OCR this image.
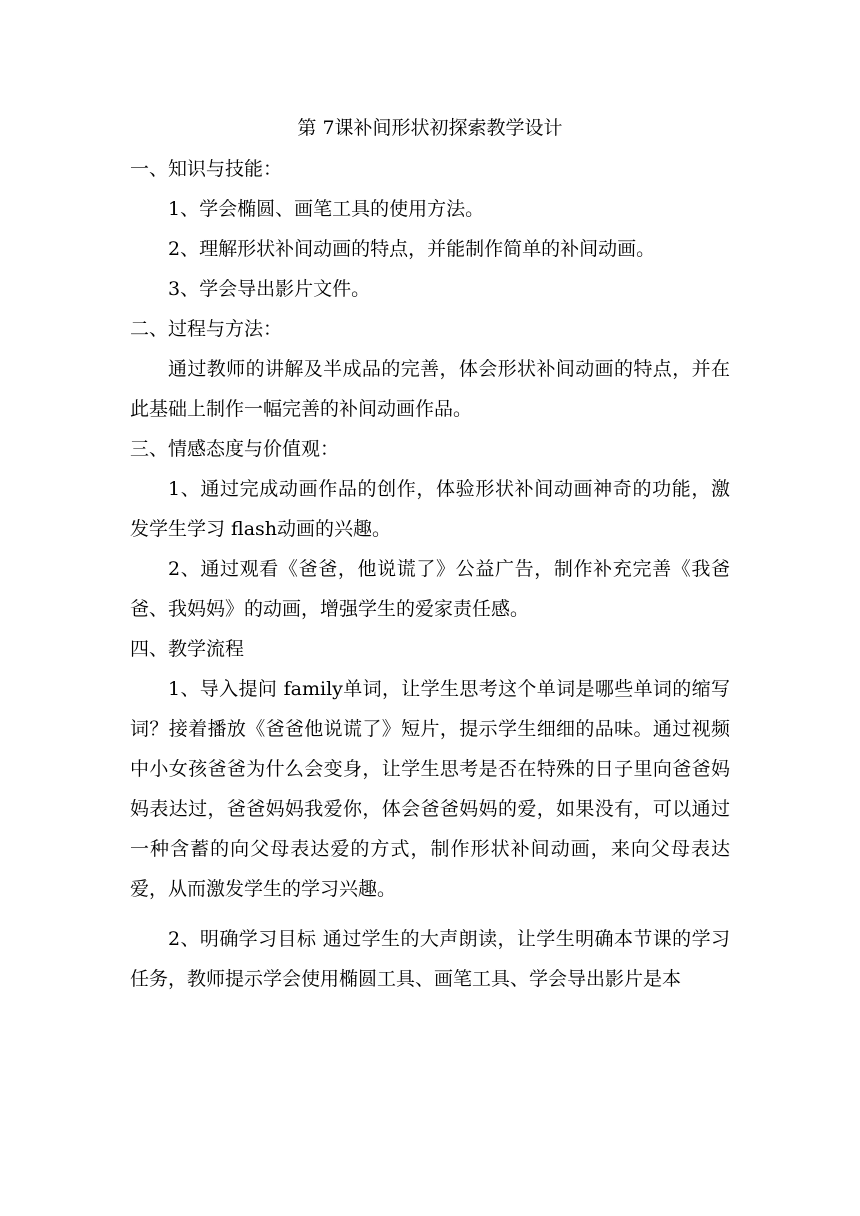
第 7课补间形状初探索教学设计
一、知识与技能：
1、学会椭圆、画笔工具的使用方法。
2、理解形状补间动画的特点，并能制作简单的补间动画。
3、学会导出影片文件。
二、过程与方法：
通过教师的讲解及半成品的完善，体会形状补间动画的特点，并在此基础上制作一幅完善的补间动画作品。
三、情感态度与价值观：
1、通过完成动画作品的创作，体验形状补间动画神奇的功能，激发学生学习 flash动画的兴趣。
2、通过观看《爸爸，他说谎了》公益广告，制作补充完善《我爸爸、我妈妈》的动画，增强学生的爱家责任感。
四、教学流程
1、导入提问 family单词，让学生思考这个单词是哪些单词的缩写词？接着播放《爸爸他说谎了》短片，提示学生细细的品味。通过视频中小女孩爸爸为什么会变身，让学生思考是否在特殊的日子里向爸爸妈妈表达过，爸爸妈妈我爱你，体会爸爸妈妈的爱，如果没有，可以通过一种含蓄的向父母表达爱的方式，制作形状补间动画，来向父母表达爱，从而激发学生的学习兴趣。
2、明确学习目标 通过学生的大声朗读，让学生明确本节课的学习任务，教师提示学会使用椭圆工具、画笔工具、学会导出影片是本
